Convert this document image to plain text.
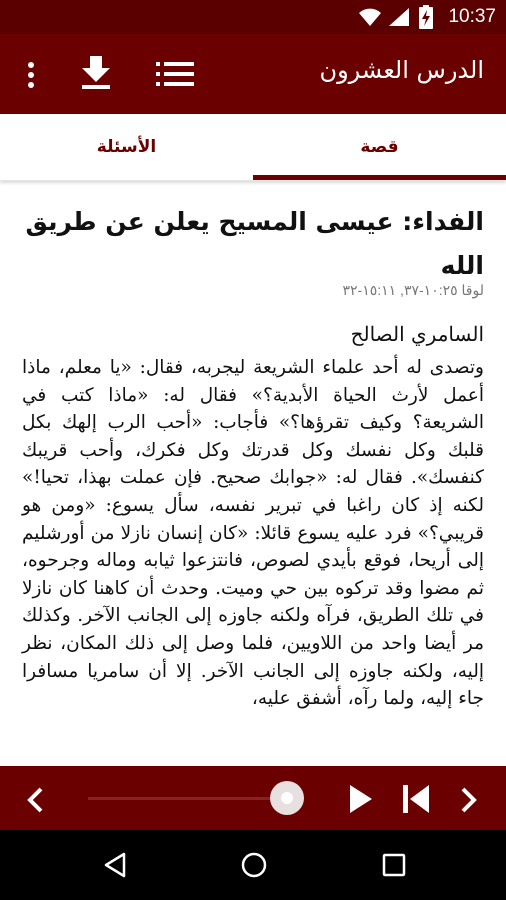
10:37
الدرس العشرون
قصة
الأسئلة
الفداء: عيسى المسيح يعلن عن طريق الله
لوقا ١٠:٢٥-٣٧, ١٥:١١-٣٢
السامري الصالح
وتصدى له أحد علماء الشريعة ليجربه، فقال: «يا معلم، ماذا أعمل لأرث الحياة الأبدية؟» فقال له: «ماذا كتب في الشريعة؟ وكيف تقرؤها؟» فأجاب: «أحب الرب إلهك بكل قلبك وكل نفسك وكل قدرتك وكل فكرك، وأحب قريبك كنفسك». فقال له: «جوابك صحيح. فإن عملت بهذا، تحيا!» لكنه إذ كان راغبا في تبرير نفسه، سأل يسوع: «ومن هو قريبي؟» فرد عليه يسوع قائلا: «كان إنسان نازلا من أورشليم إلى أريحا، فوقع بأيدي لصوص، فانتزعوا ثيابه وماله وجرحوه، ثم مضوا وقد تركوه بين حي وميت. وحدث أن كاهنا كان نازلا في تلك الطريق، فرآه ولكنه جاوزه إلى الجانب الآخر. وكذلك مر أيضا واحد من اللاويين، فلما وصل إلى ذلك المكان، نظر إليه، ولكنه جاوزه إلى الجانب الآخر. إلا أن سامريا مسافرا جاء إليه، ولما رآه، أشفق عليه،
